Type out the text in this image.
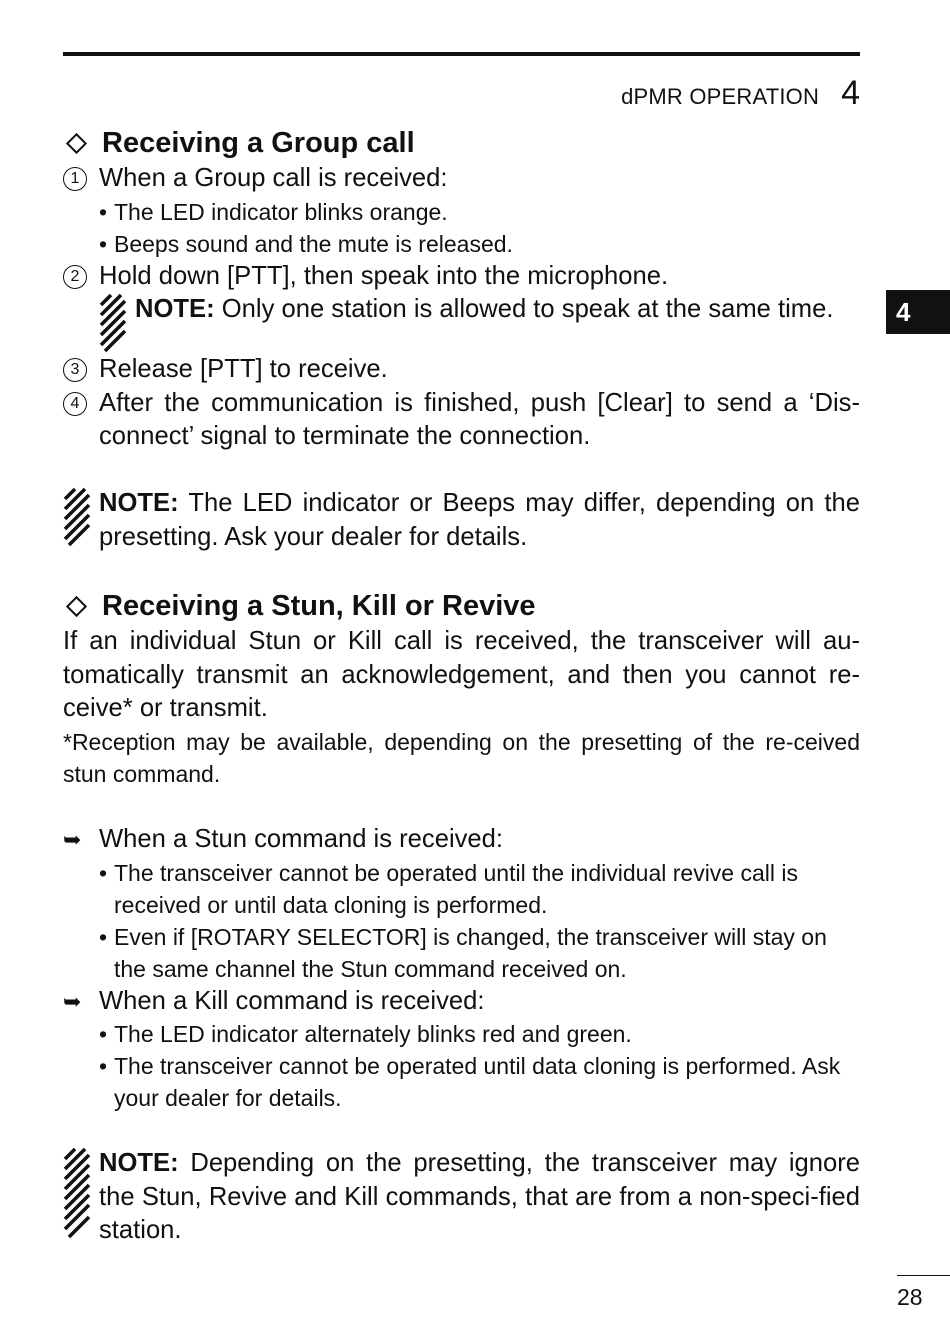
dPMR OPERATION 4
4
Receiving a Group call
1 When a Group call is received:
• The LED indicator blinks orange.
• Beeps sound and the mute is released.
2 Hold down [PTT], then speak into the microphone.
NOTE: Only one station is allowed to speak at the same time.
3 Release [PTT] to receive.
4 After the communication is finished, push [Clear] to send a ‘Dis-connect’ signal to terminate the connection.
NOTE: The LED indicator or Beeps may differ, depending on the presetting. Ask your dealer for details.
Receiving a Stun, Kill or Revive
If an individual Stun or Kill call is received, the transceiver will au-tomatically transmit an acknowledgement, and then you cannot re-ceive* or transmit.
*Reception may be available, depending on the presetting of the re-ceived stun command.
➥ When a Stun command is received:
• The transceiver cannot be operated until the individual revive call is received or until data cloning is performed.
• Even if [ROTARY SELECTOR] is changed, the transceiver will stay on the same channel the Stun command received on.
➥ When a Kill command is received:
• The LED indicator alternately blinks red and green.
• The transceiver cannot be operated until data cloning is performed. Ask your dealer for details.
NOTE: Depending on the presetting, the transceiver may ignore the Stun, Revive and Kill commands, that are from a non-speci-fied station.
28
